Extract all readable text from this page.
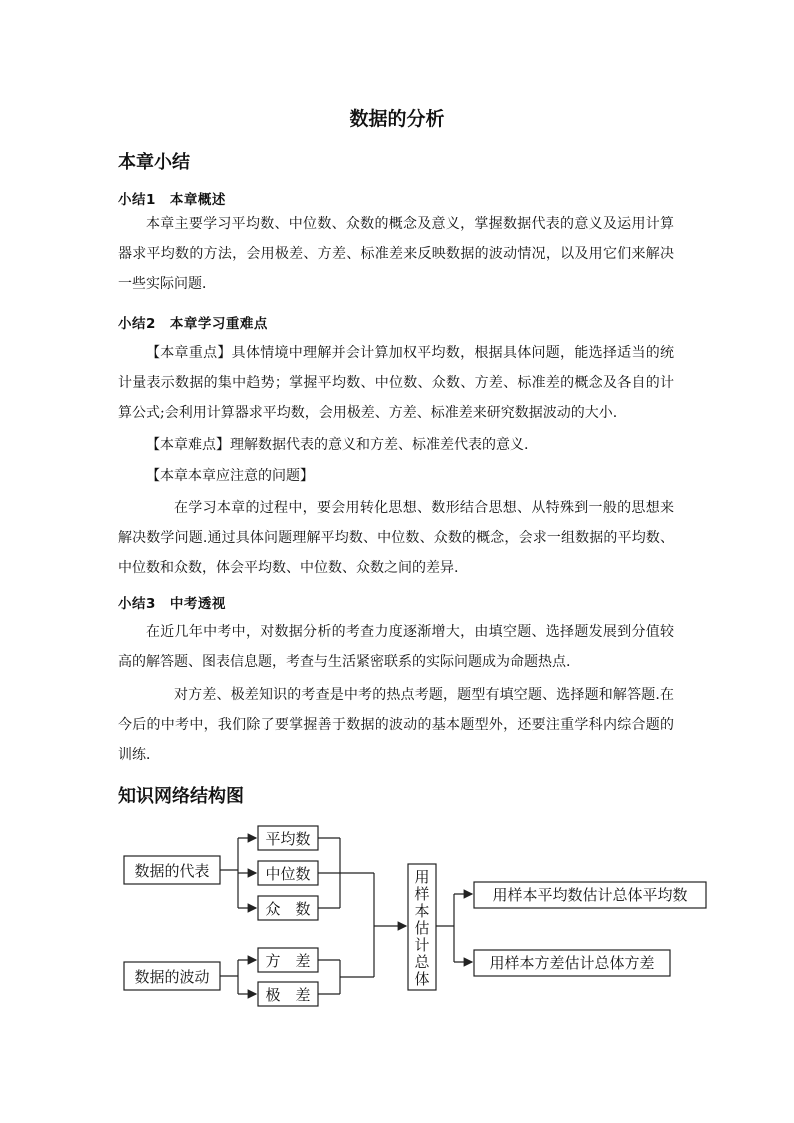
数据的分析
本章小结
小结1 本章概述

本章主要学习平均数、中位数、众数的概念及意义，掌握数据代表的意义及运用计算器求平均数的方法，会用极差、方差、标准差来反映数据的波动情况，以及用它们来解决一些实际问题．

小结2 本章学习重难点

【本章重点】具体情境中理解并会计算加权平均数，根据具体问题，能选择适当的统计量表示数据的集中趋势；掌握平均数、中位数、众数、方差、标准差的概念及各自的计算公式;会利用计算器求平均数，会用极差、方差、标准差来研究数据波动的大小.

【本章难点】理解数据代表的意义和方差、标准差代表的意义.

【本章本章应注意的问题】

在学习本章的过程中，要会用转化思想、数形结合思想、从特殊到一般的思想来解决数学问题.通过具体问题理解平均数、中位数、众数的概念，会求一组数据的平均数、中位数和众数，体会平均数、中位数、众数之间的差异.

小结3 中考透视

在近几年中考中，对数据分析的考查力度逐渐增大，由填空题、选择题发展到分值较高的解答题、图表信息题，考查与生活紧密联系的实际问题成为命题热点.

对方差、极差知识的考查是中考的热点考题，题型有填空题、选择题和解答题.在今后的中考中，我们除了要掌握善于数据的波动的基本题型外，还要注重学科内综合题的训练．

知识网络结构图
数据的代表
平均数
中位数
众　数
数据的波动
方　差
极　差
用
样
本
估
计
总
体
用样本平均数估计总体平均数
用样本方差估计总体方差
